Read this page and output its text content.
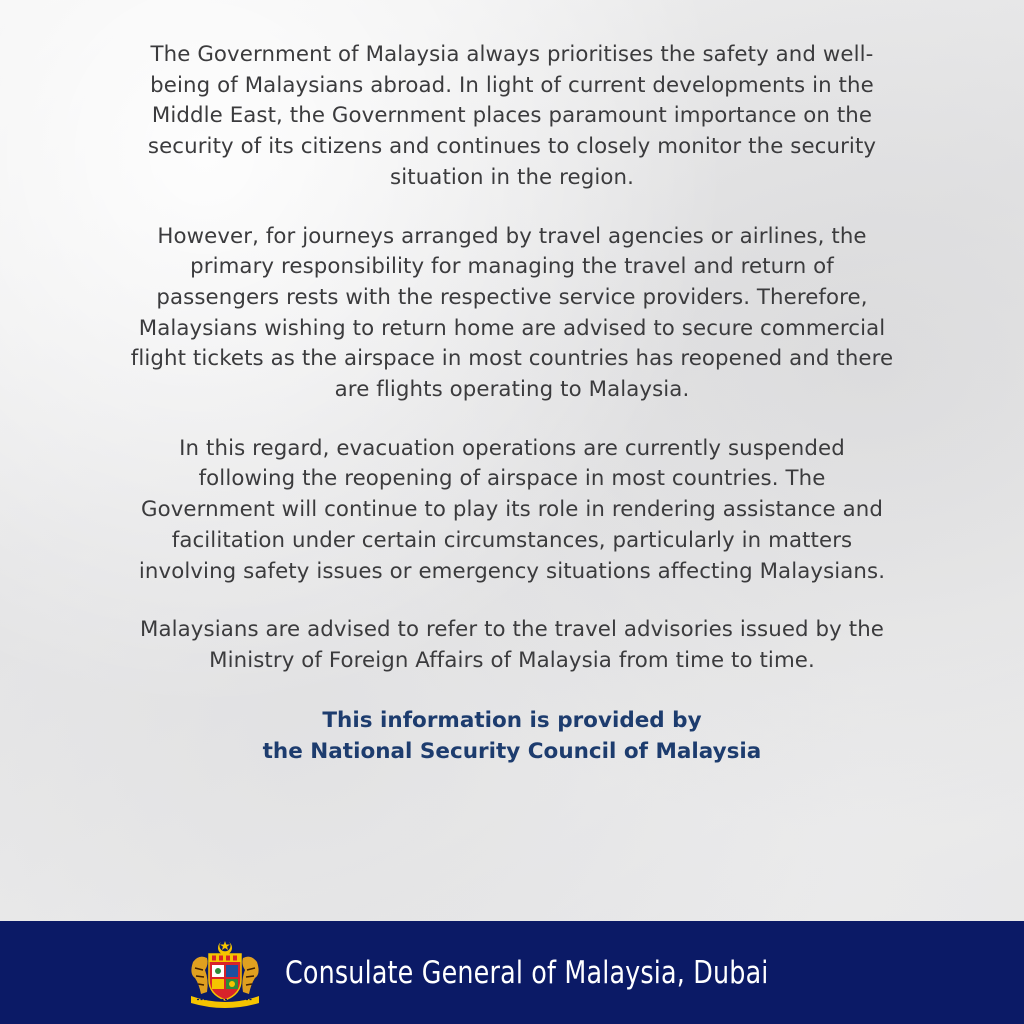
The Government of Malaysia always prioritises the safety and well-
being of Malaysians abroad. In light of current developments in the
Middle East, the Government places paramount importance on the
security of its citizens and continues to closely monitor the security
situation in the region.

However, for journeys arranged by travel agencies or airlines, the
primary responsibility for managing the travel and return of
passengers rests with the respective service providers. Therefore,
Malaysians wishing to return home are advised to secure commercial
flight tickets as the airspace in most countries has reopened and there
are flights operating to Malaysia.

In this regard, evacuation operations are currently suspended
following the reopening of airspace in most countries. The
Government will continue to play its role in rendering assistance and
facilitation under certain circumstances, particularly in matters
involving safety issues or emergency situations affecting Malaysians.

Malaysians are advised to refer to the travel advisories issued by the
Ministry of Foreign Affairs of Malaysia from time to time.

This information is provided by
the National Security Council of Malaysia

Consulate General of Malaysia, Dubai
